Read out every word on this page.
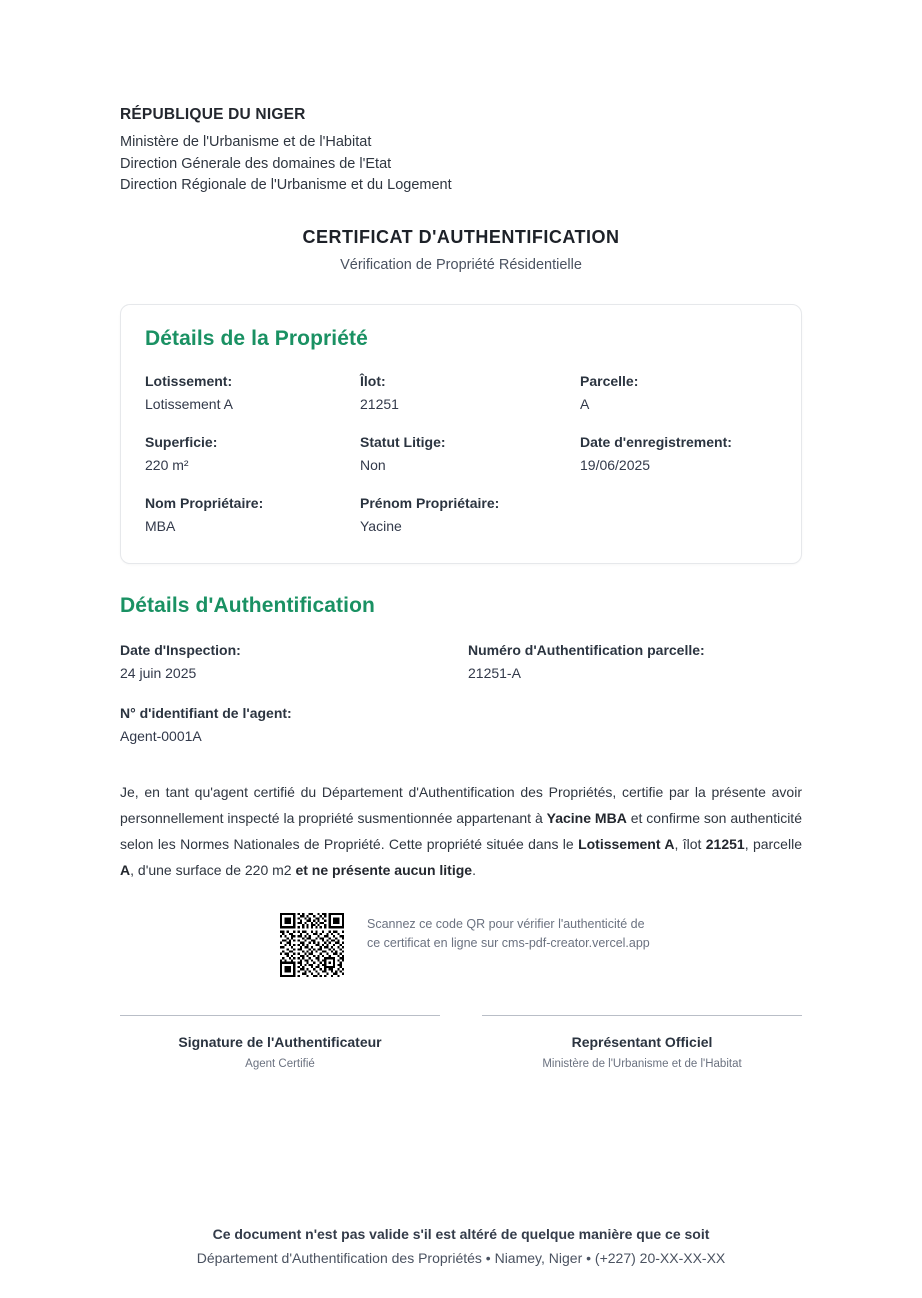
RÉPUBLIQUE DU NIGER
Ministère de l'Urbanisme et de l'Habitat
Direction Génerale des domaines de l'Etat
Direction Régionale de l'Urbanisme et du Logement
CERTIFICAT D'AUTHENTIFICATION
Vérification de Propriété Résidentielle
Détails de la Propriété
Lotissement:
Lotissement A
Îlot:
21251
Parcelle:
A
Superficie:
220 m²
Statut Litige:
Non
Date d'enregistrement:
19/06/2025
Nom Propriétaire:
MBA
Prénom Propriétaire:
Yacine
Détails d'Authentification
Date d'Inspection:
24 juin 2025
Numéro d'Authentification parcelle:
21251-A
N° d'identifiant de l'agent:
Agent-0001A

Je, en tant qu'agent certifié du Département d'Authentification des Propriétés, certifie par la présente avoir personnellement inspecté la propriété susmentionnée appartenant à Yacine MBA et confirme son authenticité selon les Normes Nationales de Propriété. Cette propriété située dans le Lotissement A, îlot 21251, parcelle A, d'une surface de 220 m2 et ne présente aucun litige.

Scannez ce code QR pour vérifier l'authenticité de ce certificat en ligne sur cms-pdf-creator.vercel.app
Signature de l'Authentificateur
Agent Certifié
Représentant Officiel
Ministère de l'Urbanisme et de l'Habitat
Ce document n'est pas valide s'il est altéré de quelque manière que ce soit
Département d'Authentification des Propriétés • Niamey, Niger • (+227) 20-XX-XX-XX
